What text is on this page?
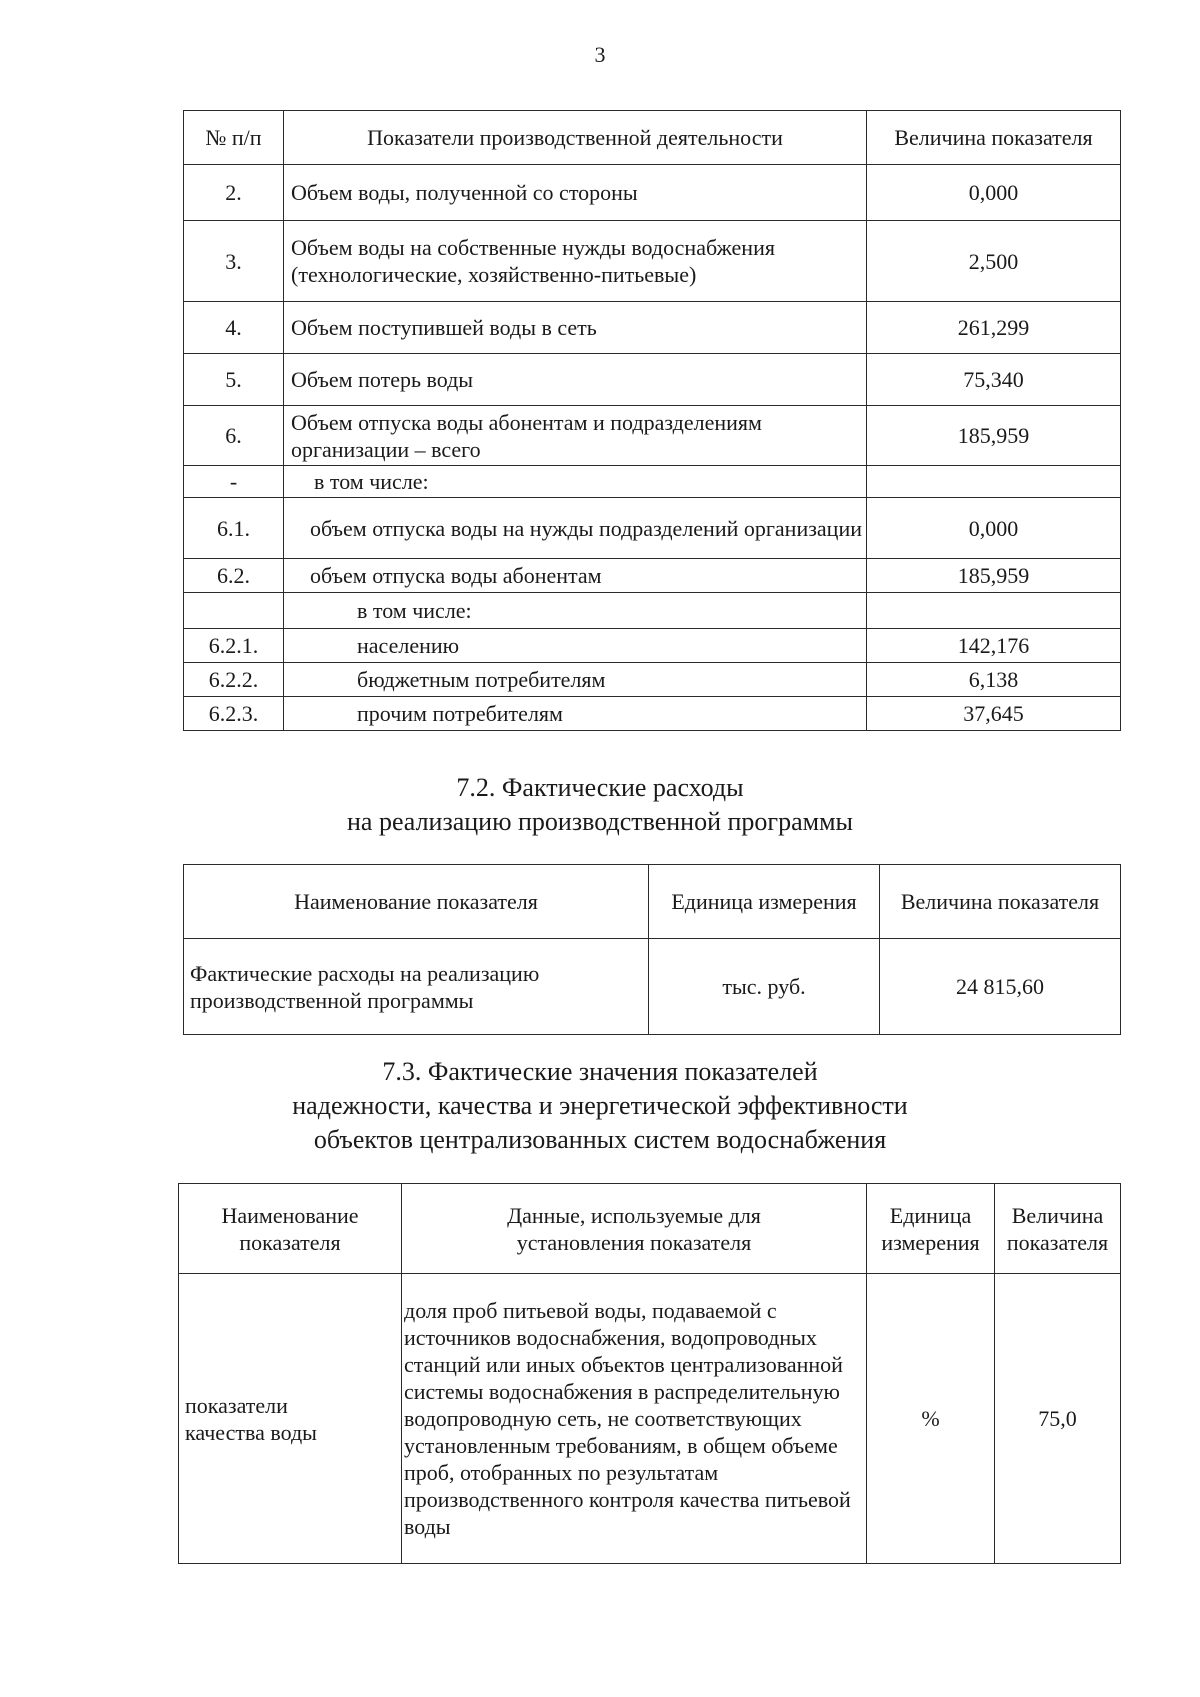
3
№ п/п	Показатели производственной деятельности	Величина показателя
2.	Объем воды, полученной со стороны	0,000
3.	Объем воды на собственные нужды водоснабжения (технологические, хозяйственно-питьевые)	2,500
4.	Объем поступившей воды в сеть	261,299
5.	Объем потерь воды	75,340
6.	Объем отпуска воды абонентам и подразделениям организации – всего	185,959
-	в том числе:	
6.1.	объем отпуска воды на нужды подразделений организации	0,000
6.2.	объем отпуска воды абонентам	185,959
	в том числе:	
6.2.1.	населению	142,176
6.2.2.	бюджетным потребителям	6,138
6.2.3.	прочим потребителям	37,645
7.2. Фактические расходы
на реализацию производственной программы
Наименование показателя	Единица измерения	Величина показателя
Фактические расходы на реализацию производственной программы	тыс. руб.	24 815,60
7.3. Фактические значения показателей
надежности, качества и энергетической эффективности
объектов централизованных систем водоснабжения
Наименование показателя	Данные, используемые для установления показателя	Единица измерения	Величина показателя
показатели качества воды	доля проб питьевой воды, подаваемой с источников водоснабжения, водопроводных станций или иных объектов централизованной системы водоснабжения в распределительную водопроводную сеть, не соответствующих установленным требованиям, в общем объеме проб, отобранных по результатам производственного контроля качества питьевой воды	%	75,0
